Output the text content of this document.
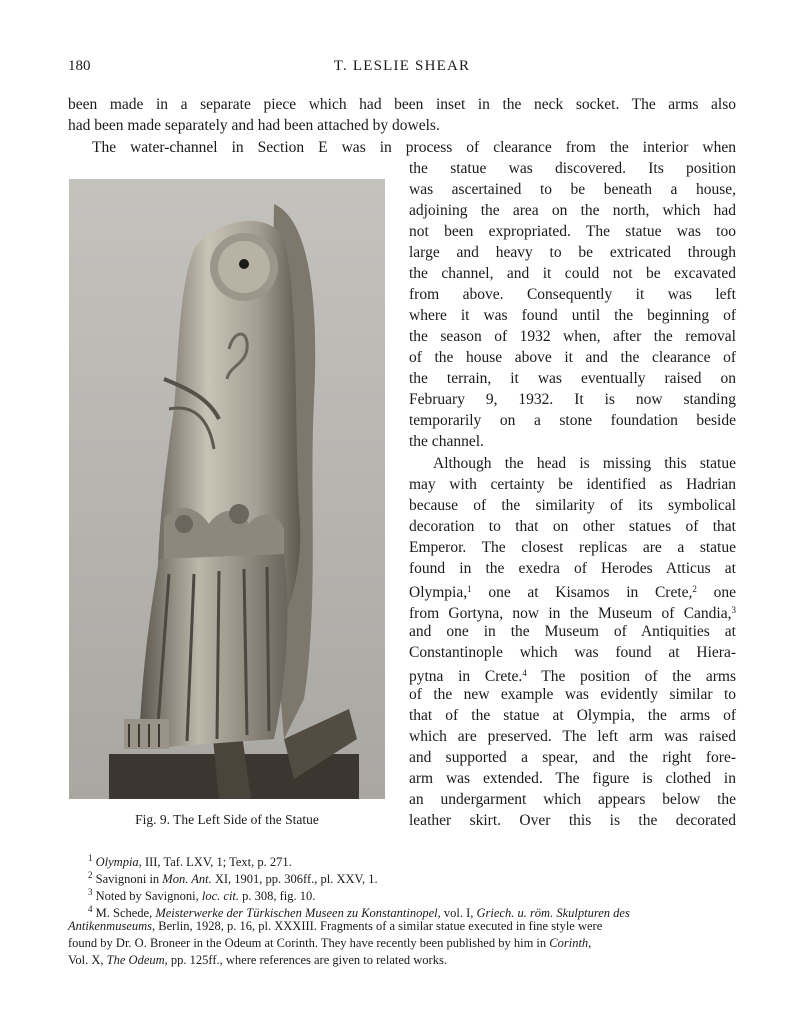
180	T. LESLIE SHEAR
been made in a separate piece which had been inset in the neck socket. The arms also
had been made separately and had been attached by dowels.
The water-channel in Section E was in process of clearance from the interior when
the statue was discovered. Its position
was ascertained to be beneath a house,
adjoining the area on the north, which had
not been expropriated. The statue was too
large and heavy to be extricated through
the channel, and it could not be excavated
from above. Consequently it was left
where it was found until the beginning of
the season of 1932 when, after the removal
of the house above it and the clearance of
the terrain, it was eventually raised on
February 9, 1932. It is now standing
temporarily on a stone foundation beside
the channel.
Although the head is missing this statue
may with certainty be identified as Hadrian
because of the similarity of its symbolical
decoration to that on other statues of that
Emperor. The closest replicas are a statue
found in the exedra of Herodes Atticus at
Olympia,$^1$ one at Kisamos in Crete,$^2$ one
from Gortyna, now in the Museum of Candia,$^3$
and one in the Museum of Antiquities at
Constantinople which was found at Hiera-
pytna in Crete.$^4$ The position of the arms
of the new example was evidently similar to
that of the statue at Olympia, the arms of
which are preserved. The left arm was raised
and supported a spear, and the right fore-
arm was extended. The figure is clothed in
an undergarment which appears below the
leather skirt. Over this is the decorated
Fig. 9. The Left Side of the Statue
$^1$ Olympia, III, Taf. LXV, 1; Text, p. 271.
$^2$ Savignoni in Mon. Ant. XI, 1901, pp. 306ff., pl. XXV, 1.
$^3$ Noted by Savignoni, loc. cit. p. 308, fig. 10.
$^4$ M. Schede, Meisterwerke der Türkischen Museen zu Konstantinopel, vol. I, Griech. u. röm. Skulpturen des
Antikenmuseums, Berlin, 1928, p. 16, pl. XXXIII. Fragments of a similar statue executed in fine style were
found by Dr. O. Broneer in the Odeum at Corinth. They have recently been published by him in Corinth,
Vol. X, The Odeum, pp. 125ff., where references are given to related works.
